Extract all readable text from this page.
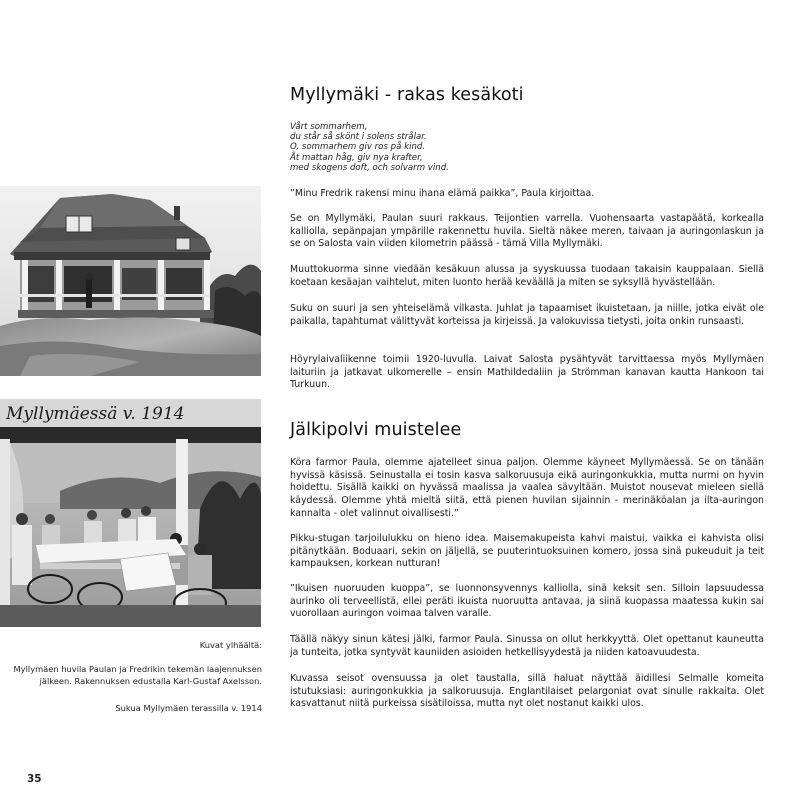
Myllymäessä v. 1914

Kuvat ylhäältä:

Myllymäen huvila Paulan ja Fredrikin tekemän laajennuksen jälkeen. Rakennuksen edustalla Karl-Gustaf Axelsson.

Sukua Myllymäen terassilla v. 1914

Myllymäki - rakas kesäkoti
Vårt sommarhem,
du står så skönt i solens strålar.
O, sommarhem giv ros på kind.
Åt mattan håg, giv nya krafter,
med skogens doft, och solvarm vind.

”Minu Fredrik rakensi minu ihana elämä paikka”, Paula kirjoittaa.

Se on Myllymäki, Paulan suuri rakkaus. Teijontien varrella. Vuohensaarta vastapäätä, korkealla kalliolla, sepänpajan ympärille rakennettu huvila. Sieltä näkee meren, taivaan ja auringonlaskun ja se on Salosta vain viiden kilometrin päässä - tämä Villa Myllymäki.

Muuttokuorma sinne viedään kesäkuun alussa ja syyskuussa tuodaan takaisin kauppalaan. Siellä koetaan kesäajan vaihtelut, miten luonto herää keväällä ja miten se syksyllä hyvästellään.

Suku on suuri ja sen yhteiselämä vilkasta. Juhlat ja tapaamiset ikuistetaan, ja niille, jotka eivät ole paikalla, tapahtumat välittyvät korteissa ja kirjeissä. Ja valokuvissa tietysti, joita onkin runsaasti.

Höyrylaivaliikenne toimii 1920-luvulla. Laivat Salosta pysähtyvät tarvittaessa myös Myllymäen laituriin ja jatkavat ulkomerelle – ensin Mathildedaliin ja Strömman kanavan kautta Hankoon tai Turkuun.

Jälkipolvi muistelee

Köra farmor Paula, olemme ajatelleet sinua paljon. Olemme käyneet Myllymäessä. Se on tänään hyvissä käsissä. Seinustalla ei tosin kasva salkoruusuja eikä auringonkukkia, mutta nurmi on hyvin hoidettu. Sisällä kaikki on hyvässä maalissa ja vaalea sävyltään. Muistot nousevat mieleen siellä käydessä. Olemme yhtä mieltä siitä, että pienen huvilan sijainnin - merinäköalan ja ilta-auringon kannalta - olet valinnut oivallisesti.”

Pikku-stugan tarjoilulukku on hieno idea. Maisemakupeista kahvi maistui, vaikka ei kahvista olisi pitänytkään. Boduaari, sekin on jäljellä, se puuterintuoksuinen komero, jossa sinä pukeuduit ja teit kampauksen, korkean nutturan!

”Ikuisen nuoruuden kuoppa”, se luonnonsyvennys kalliolla, sinä keksit sen. Silloin lapsuudessa aurinko oli terveellistä, ellei peräti ikuista nuoruutta antavaa, ja siinä kuopassa maatessa kukin sai vuorollaan auringon voimaa talven varalle.

Täällä näkyy sinun kätesi jälki, farmor Paula. Sinussa on ollut herkkyyttä. Olet opettanut kauneutta ja tunteita, jotka syntyvät kauniiden asioiden hetkellisyydestä ja niiden katoavuudesta.

Kuvassa seisot ovensuussa ja olet taustalla, sillä haluat näyttää äidillesi Selmalle komeita istutuksiasi: auringonkukkia ja salkoruusuja. Englantilaiset pelargoniat ovat sinulle rakkaita. Olet kasvattanut niitä purkeissa sisätiloissa, mutta nyt olet nostanut kaikki ulos.

35
